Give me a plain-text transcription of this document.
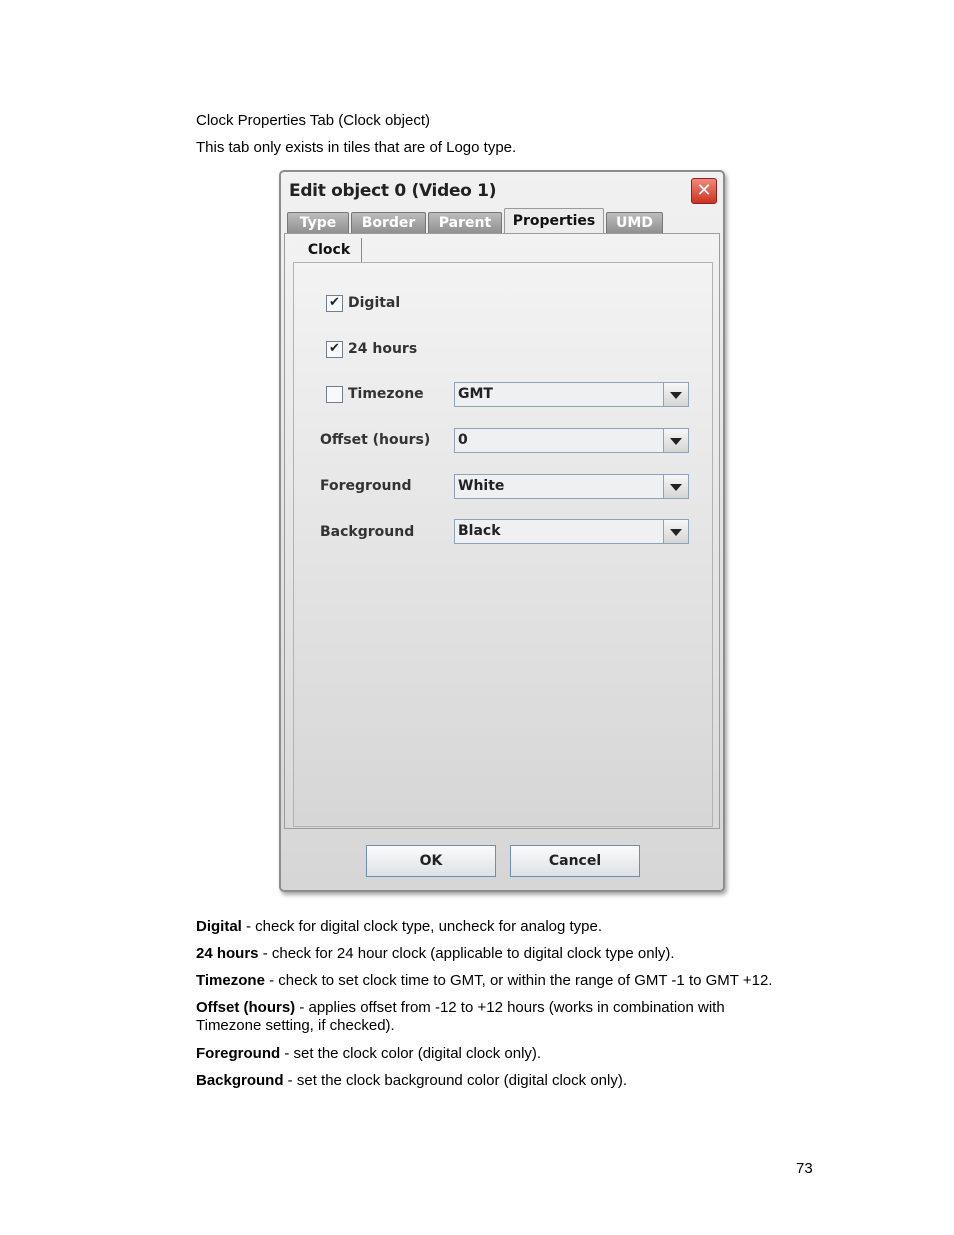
Clock Properties Tab (Clock object)
This tab only exists in tiles that are of Logo type.
Edit object 0 (Video 1)	✕
Type	Border	Parent	Properties	UMD
Clock
✔ Digital
✔ 24 hours
Timezone GMT
Offset (hours) 0
Foreground	White
Background	Black
OK	Cancel
Digital - check for digital clock type, uncheck for analog type.
24 hours - check for 24 hour clock (applicable to digital clock type only).
Timezone - check to set clock time to GMT, or within the range of GMT -1 to GMT +12.
Offset (hours) - applies offset from -12 to +12 hours (works in combination with
Timezone setting, if checked).
Foreground - set the clock color (digital clock only).
Background - set the clock background color (digital clock only).
73
